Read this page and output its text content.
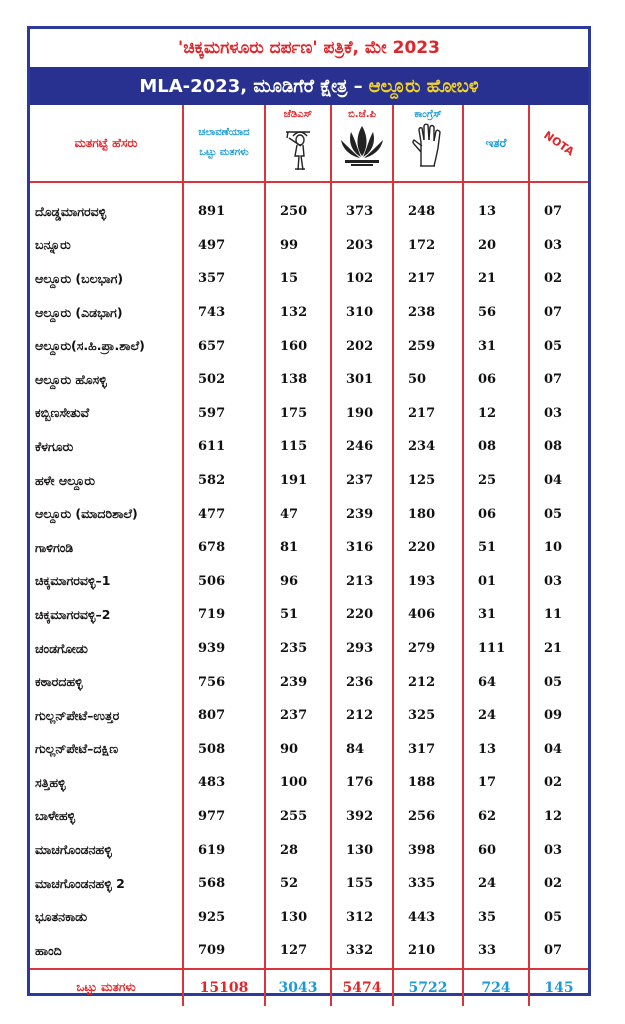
'ಚಿಕ್ಕಮಗಳೂರು ದರ್ಪಣ' ಪತ್ರಿಕೆ, ಮೇ 2023
MLA-2023, ಮೂಡಿಗೆರೆ ಕ್ಷೇತ್ರ – ಆಲ್ದೂರು ಹೋಬಳಿ
ಮತಗಟ್ಟೆ ಹೆಸರು	ಚಲಾವಣೆಯಾದ
ಒಟ್ಟು ಮತಗಳು	ಜೆಡಿಎಸ್	ಬಿ.ಜೆ.ಪಿ	ಕಾಂಗ್ರೆಸ್	ಇತರೆ	NOTA

ದೊಡ್ಡಮಾಗರವಳ್ಳಿ	891	250	373	248	13	07
ಬನ್ನೂರು	497	99	203	172	20	03
ಆಲ್ದೂರು (ಬಲಭಾಗ)	357	15	102	217	21	02
ಆಲ್ದೂರು (ಎಡಭಾಗ)	743	132	310	238	56	07
ಆಲ್ದೂರು(ಸ.ಹಿ.ಪ್ರಾ.ಶಾಲೆ)	657	160	202	259	31	05
ಆಲ್ದೂರು ಹೊಸಳ್ಳಿ	502	138	301	50	06	07
ಕಬ್ಬಿಣಸೇತುವೆ	597	175	190	217	12	03
ಕೆಳಗೂರು	611	115	246	234	08	08
ಹಳೇ ಆಲ್ದೂರು	582	191	237	125	25	04
ಆಲ್ದೂರು (ಮಾದರಿಶಾಲೆ)	477	47	239	180	06	05
ಗಾಳಿಗಂಡಿ	678	81	316	220	51	10
ಚಿಕ್ಕಮಾಗರವಳ್ಳಿ–1	506	96	213	193	01	03
ಚಿಕ್ಕಮಾಗರವಳ್ಳಿ–2	719	51	220	406	31	11
ಚಂಡಗೋಡು	939	235	293	279	111	21
ಕಠಾರದಹಳ್ಳಿ	756	239	236	212	64	05
ಗುಲ್ಲನ್‌ಪೇಟೆ–ಉತ್ತರ	807	237	212	325	24	09
ಗುಲ್ಲನ್‌ಪೇಟೆ–ದಕ್ಷಿಣ	508	90	84	317	13	04
ಸತ್ತಿಹಳ್ಳಿ	483	100	176	188	17	02
ಬಾಳೇಹಳ್ಳಿ	977	255	392	256	62	12
ಮಾಚಗೊಂಡನಹಳ್ಳಿ	619	28	130	398	60	03
ಮಾಚಗೊಂಡನಹಳ್ಳಿ 2	568	52	155	335	24	02
ಭೂತನಕಾಡು	925	130	312	443	35	05
ಹಾಂದಿ	709	127	332	210	33	07
ಒಟ್ಟು ಮತಗಳು	15108	3043	5474	5722	724	145
